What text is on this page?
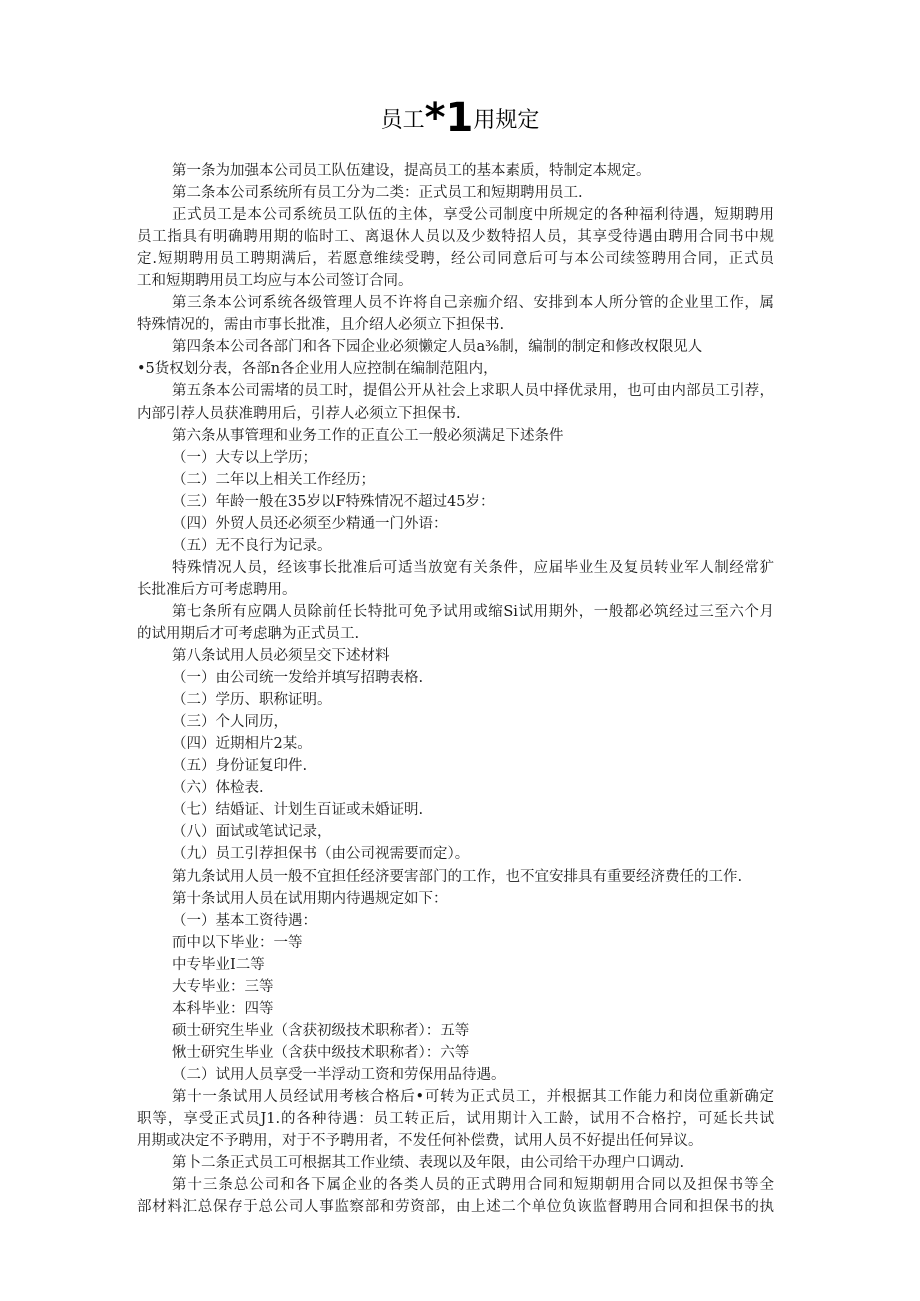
员工*1用规定
第一条为加强本公司员工队伍建设，提高员工的基本素质，特制定本规定。
第二条本公司系统所有员工分为二类：正式员工和短期聘用员工.
正式员工是本公司系统员工队伍的主体，享受公司制度中所规定的各种福利待遇，短期聘用
员工指具有明确聘用期的临时工、离退休人员以及少数特招人员，其享受待遇由聘用合同书中规
定.短期聘用员工聘期满后，若愿意维续受聘，经公司同意后可与本公司续签聘用合同，正式员
工和短期聘用员工均应与本公司签订合同。
第三条本公诃系统各级管理人员不许将自己亲痂介绍、安排到本人所分管的企业里工作，属
特殊情况的，需由市事长批准，且介绍人必须立下担保书.
第四条本公司各部门和各下园企业必须懒定人员a⅜制，编制的制定和修改权限见人
•5货权划分表，各部n各企业用人应控制在编制范阻内，
第五条本公司需堵的员工时，提倡公开从社会上求职人员中择优录用，也可由内部员工引荐，
内部引荐人员获准聘用后，引荐人必须立下担保书.
第六条从事管理和业务工作的正直公工一般必须满足下述条件
（一）大专以上学历；
（二）二年以上相关工作经历；
（三）年龄一般在35岁以F特殊情况不超过45岁：
（四）外贸人员还必须至少精通一门外语：
（五）无不良行为记录。
特殊情况人员，经该事长批准后可适当放宽有关条件，应届毕业生及复员转业军人制经常犷
长批准后方可考虑聘用。
第七条所有应隅人员除前任长特批可免予试用或缩Si试用期外，一般都必筑经过三至六个月
的试用期后才可考虑聃为正式员工.
第八条试用人员必须呈交下述材料
（一）由公司统一发给并填写招聘表格.
（二）学历、职称证明。
（三）个人同历，
（四）近期相片2某。
（五）身份证复印件.
（六）体检表.
（七）结婚证、计划生百证或未婚证明.
（八）面试或笔试记录，
（九）员工引荐担保书（由公司视需要而定）。
第九条试用人员一般不宜担任经济要害部门的工作，也不宜安排具有重要经济费任的工作.
第十条试用人员在试用期内待遇规定如下：
（一）基本工资待遇：
而中以下毕业：一等
中专毕业I二等
大专毕业：三等
本科毕业：四等
硕士研究生毕业（含获初级技术职称者）：五等
愀士研究生毕业（含获中级技术职称者）：六等
（二）试用人员享受一半浮动工资和劳保用品待遇。
第十一条试用人员经试用考核合格后•可转为正式员工，并根据其工作能力和岗位重新确定
职等，享受正式员J1.的各种待遇：员工转正后，试用期计入工龄，试用不合格拧，可延长共试
用期或决定不予聘用，对于不予聘用者，不发任何补偿费，试用人员不好提出任何异议。
第卜二条正式员工可根据其工作业绩、表现以及年限，由公司给干办理户口调动.
第十三条总公司和各下属企业的各类人员的正式聘用合同和短期朝用合同以及担保书等全
部材料汇总保存于总公司人事监察部和劳资部，由上述二个单位负诙监督聘用合同和担保书的执
